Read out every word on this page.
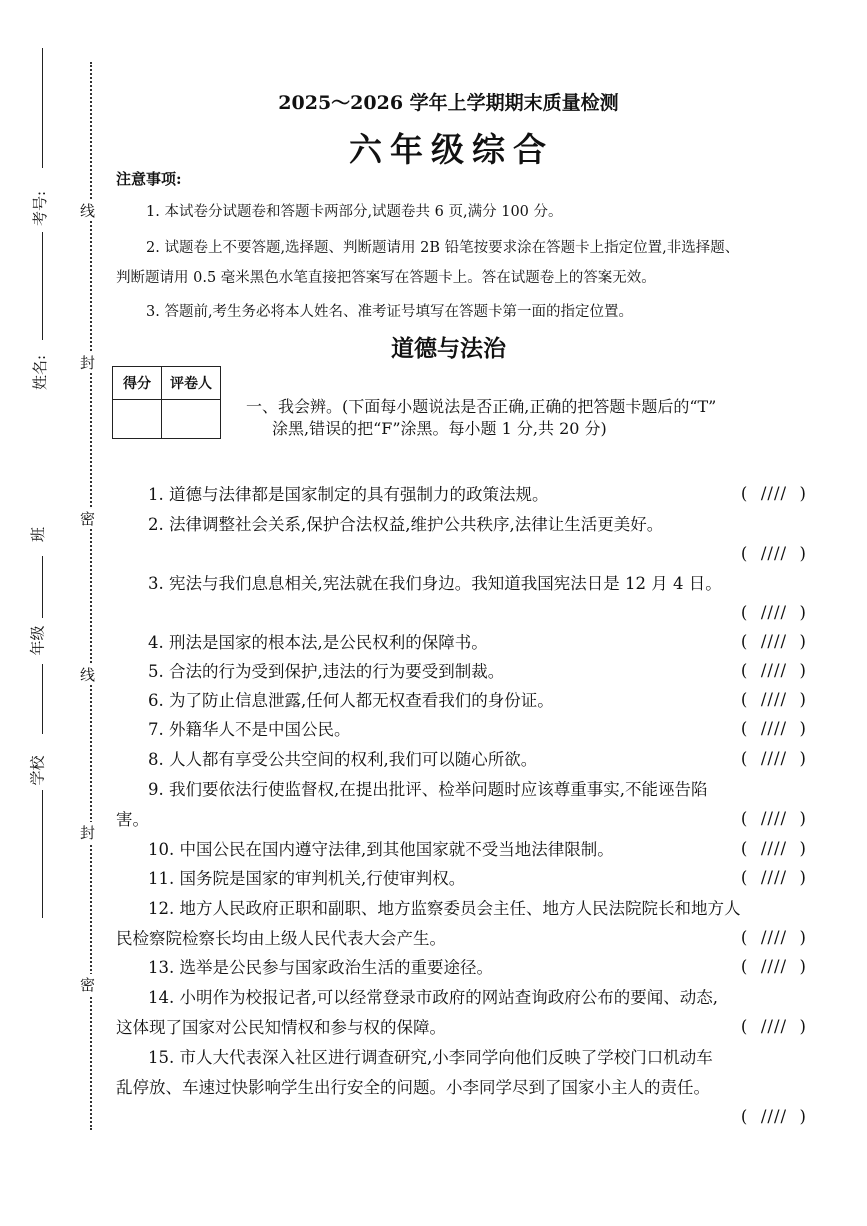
考号:
姓名:
班
年级
学校
线
封
密
线
封
密
2025～2026 学年上学期期末质量检测
六年级综合
注意事项:
1. 本试卷分试题卷和答题卡两部分,试题卷共 6 页,满分 100 分。
2. 试题卷上不要答题,选择题、判断题请用 2B 铅笔按要求涂在答题卡上指定位置,非选择题、
判断题请用 0.5 毫米黑色水笔直接把答案写在答题卡上。答在试题卷上的答案无效。
3. 答题前,考生务必将本人姓名、准考证号填写在答题卡第一面的指定位置。
道德与法治
得分	评卷人

一、我会辨。(下面每小题说法是否正确,正确的把答题卡题后的“T”
涂黑,错误的把“F”涂黑。每小题 1 分,共 20 分)
1. 道德与法律都是国家制定的具有强制力的政策法规。	(  ////  )
2. 法律调整社会关系,保护合法权益,维护公共秩序,法律让生活更美好。
(  ////  )
3. 宪法与我们息息相关,宪法就在我们身边。我知道我国宪法日是 12 月 4 日。
(  ////  )
4. 刑法是国家的根本法,是公民权利的保障书。	(  ////  )
5. 合法的行为受到保护,违法的行为要受到制裁。	(  ////  )
6. 为了防止信息泄露,任何人都无权查看我们的身份证。	(  ////  )
7. 外籍华人不是中国公民。	(  ////  )
8. 人人都有享受公共空间的权利,我们可以随心所欲。	(  ////  )
9. 我们要依法行使监督权,在提出批评、检举问题时应该尊重事实,不能诬告陷
害。	(  ////  )
10. 中国公民在国内遵守法律,到其他国家就不受当地法律限制。	(  ////  )
11. 国务院是国家的审判机关,行使审判权。	(  ////  )
12. 地方人民政府正职和副职、地方监察委员会主任、地方人民法院院长和地方人
民检察院检察长均由上级人民代表大会产生。	(  ////  )
13. 选举是公民参与国家政治生活的重要途径。	(  ////  )
14. 小明作为校报记者,可以经常登录市政府的网站查询政府公布的要闻、动态,
这体现了国家对公民知情权和参与权的保障。	(  ////  )
15. 市人大代表深入社区进行调查研究,小李同学向他们反映了学校门口机动车
乱停放、车速过快影响学生出行安全的问题。小李同学尽到了国家小主人的责任。
(  ////  )
